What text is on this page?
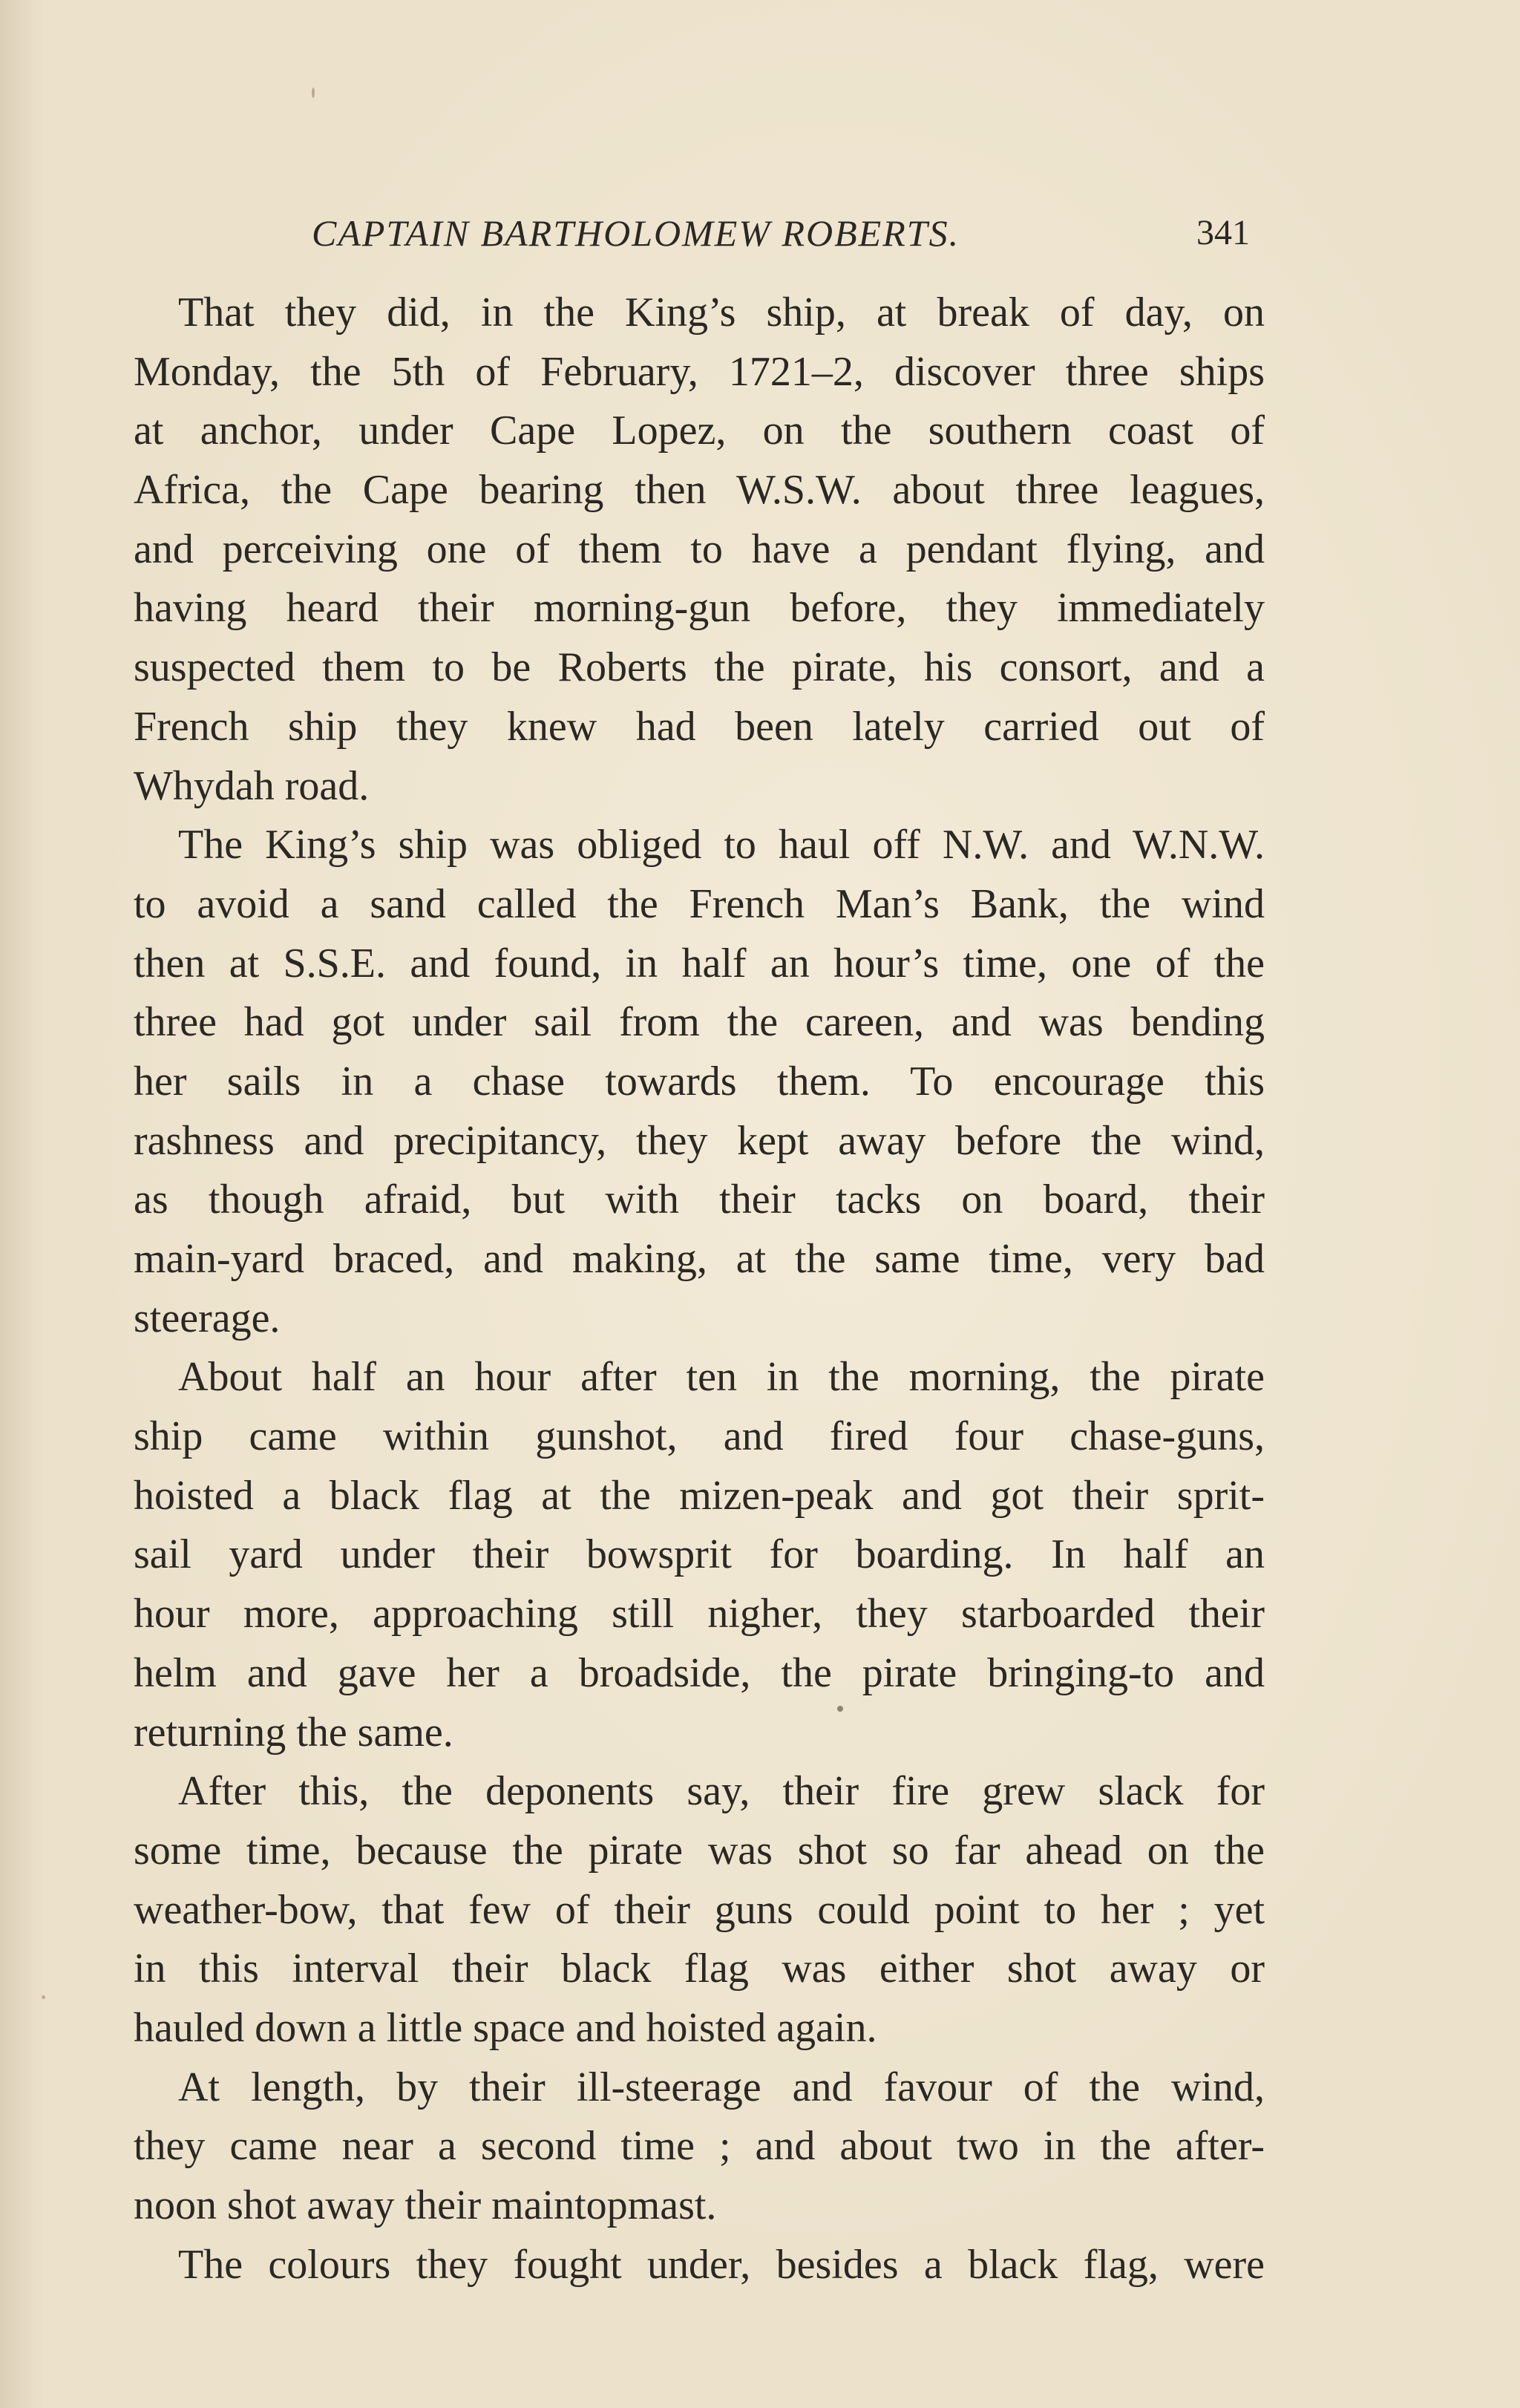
CAPTAIN BARTHOLOMEW ROBERTS.	341
That they did, in the King’s ship, at break of day, on
Monday, the 5th of February, 1721–2, discover three ships
at anchor, under Cape Lopez, on the southern coast of
Africa, the Cape bearing then W.S.W. about three leagues,
and perceiving one of them to have a pendant flying, and
having heard their morning-gun before, they immediately
suspected them to be Roberts the pirate, his consort, and a
French ship they knew had been lately carried out of
Whydah road.
The King’s ship was obliged to haul off N.W. and W.N.W.
to avoid a sand called the French Man’s Bank, the wind
then at S.S.E. and found, in half an hour’s time, one of the
three had got under sail from the careen, and was bending
her sails in a chase towards them. To encourage this
rashness and precipitancy, they kept away before the wind,
as though afraid, but with their tacks on board, their
main-yard braced, and making, at the same time, very bad
steerage.
About half an hour after ten in the morning, the pirate
ship came within gunshot, and fired four chase-guns,
hoisted a black flag at the mizen-peak and got their sprit-
sail yard under their bowsprit for boarding. In half an
hour more, approaching still nigher, they starboarded their
helm and gave her a broadside, the pirate bringing-to and
returning the same.
After this, the deponents say, their fire grew slack for
some time, because the pirate was shot so far ahead on the
weather-bow, that few of their guns could point to her ; yet
in this interval their black flag was either shot away or
hauled down a little space and hoisted again.
At length, by their ill-steerage and favour of the wind,
they came near a second time ; and about two in the after-
noon shot away their maintopmast.
The colours they fought under, besides a black flag, were
